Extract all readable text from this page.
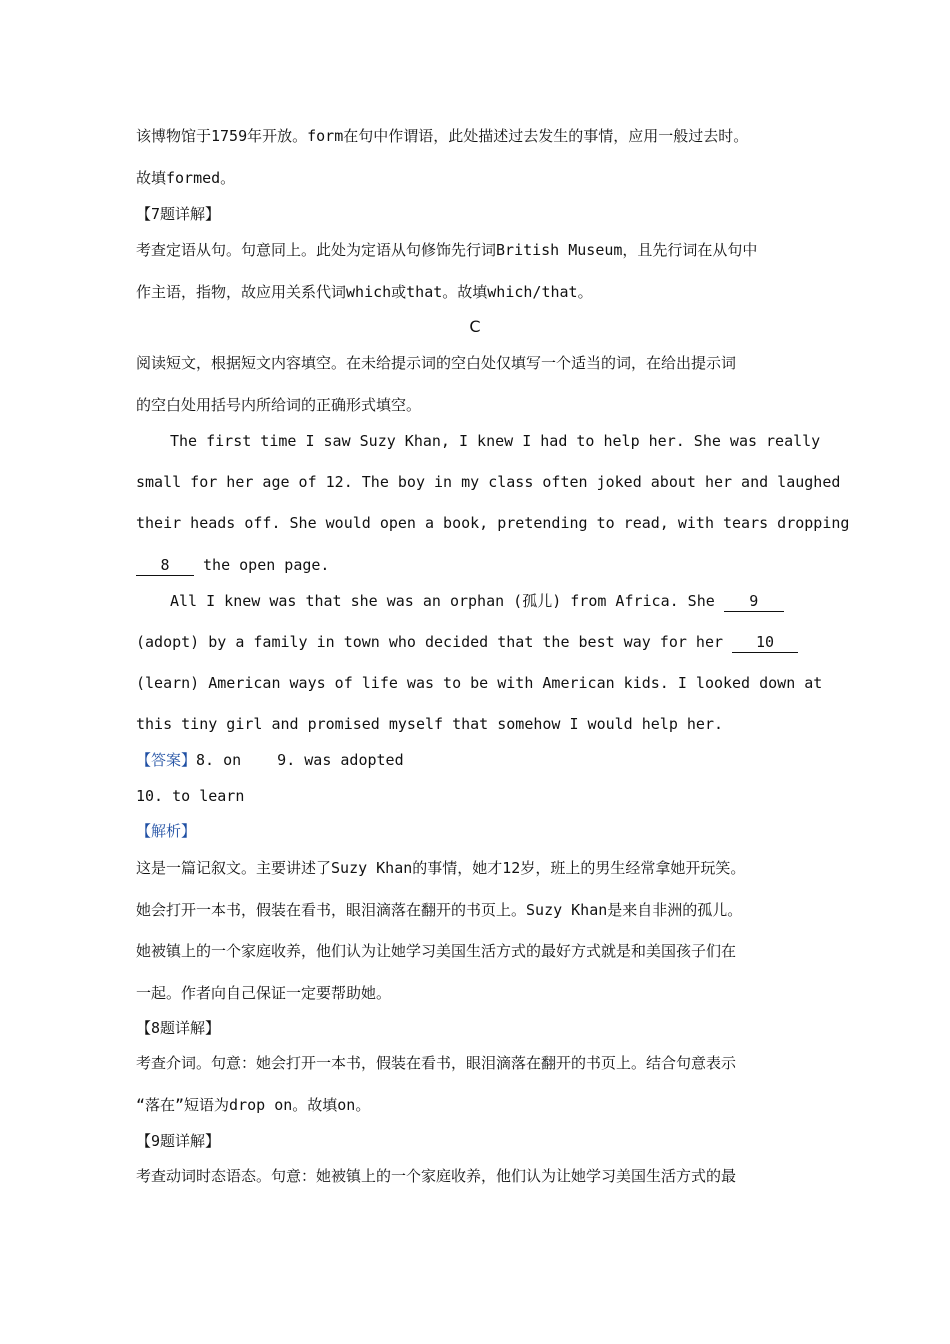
该博物馆于1759年开放。form在句中作谓语，此处描述过去发生的事情，应用一般过去时。
故填formed。
【7题详解】
考查定语从句。句意同上。此处为定语从句修饰先行词British Museum，且先行词在从句中
作主语，指物，故应用关系代词which或that。故填which/that。
C
阅读短文，根据短文内容填空。在未给提示词的空白处仅填写一个适当的词，在给出提示词
的空白处用括号内所给词的正确形式填空。
The first time I saw Suzy Khan, I knew I had to help her. She was really
small for her age of 12. The boy in my class often joked about her and laughed
their heads off. She would open a book, pretending to read, with tears dropping
8 the open page.
All I knew was that she was an orphan (孤儿) from Africa. She 9
(adopt) by a family in town who decided that the best way for her 10
(learn) American ways of life was to be with American kids. I looked down at
this tiny girl and promised myself that somehow I would help her.
【答案】8. on 9. was adopted
10. to learn
【解析】
这是一篇记叙文。主要讲述了Suzy Khan的事情，她才12岁，班上的男生经常拿她开玩笑。
她会打开一本书，假装在看书，眼泪滴落在翻开的书页上。Suzy Khan是来自非洲的孤儿。
她被镇上的一个家庭收养，他们认为让她学习美国生活方式的最好方式就是和美国孩子们在
一起。作者向自己保证一定要帮助她。
【8题详解】
考查介词。句意：她会打开一本书，假装在看书，眼泪滴落在翻开的书页上。结合句意表示
“落在”短语为drop on。故填on。
【9题详解】
考查动词时态语态。句意：她被镇上的一个家庭收养，他们认为让她学习美国生活方式的最
